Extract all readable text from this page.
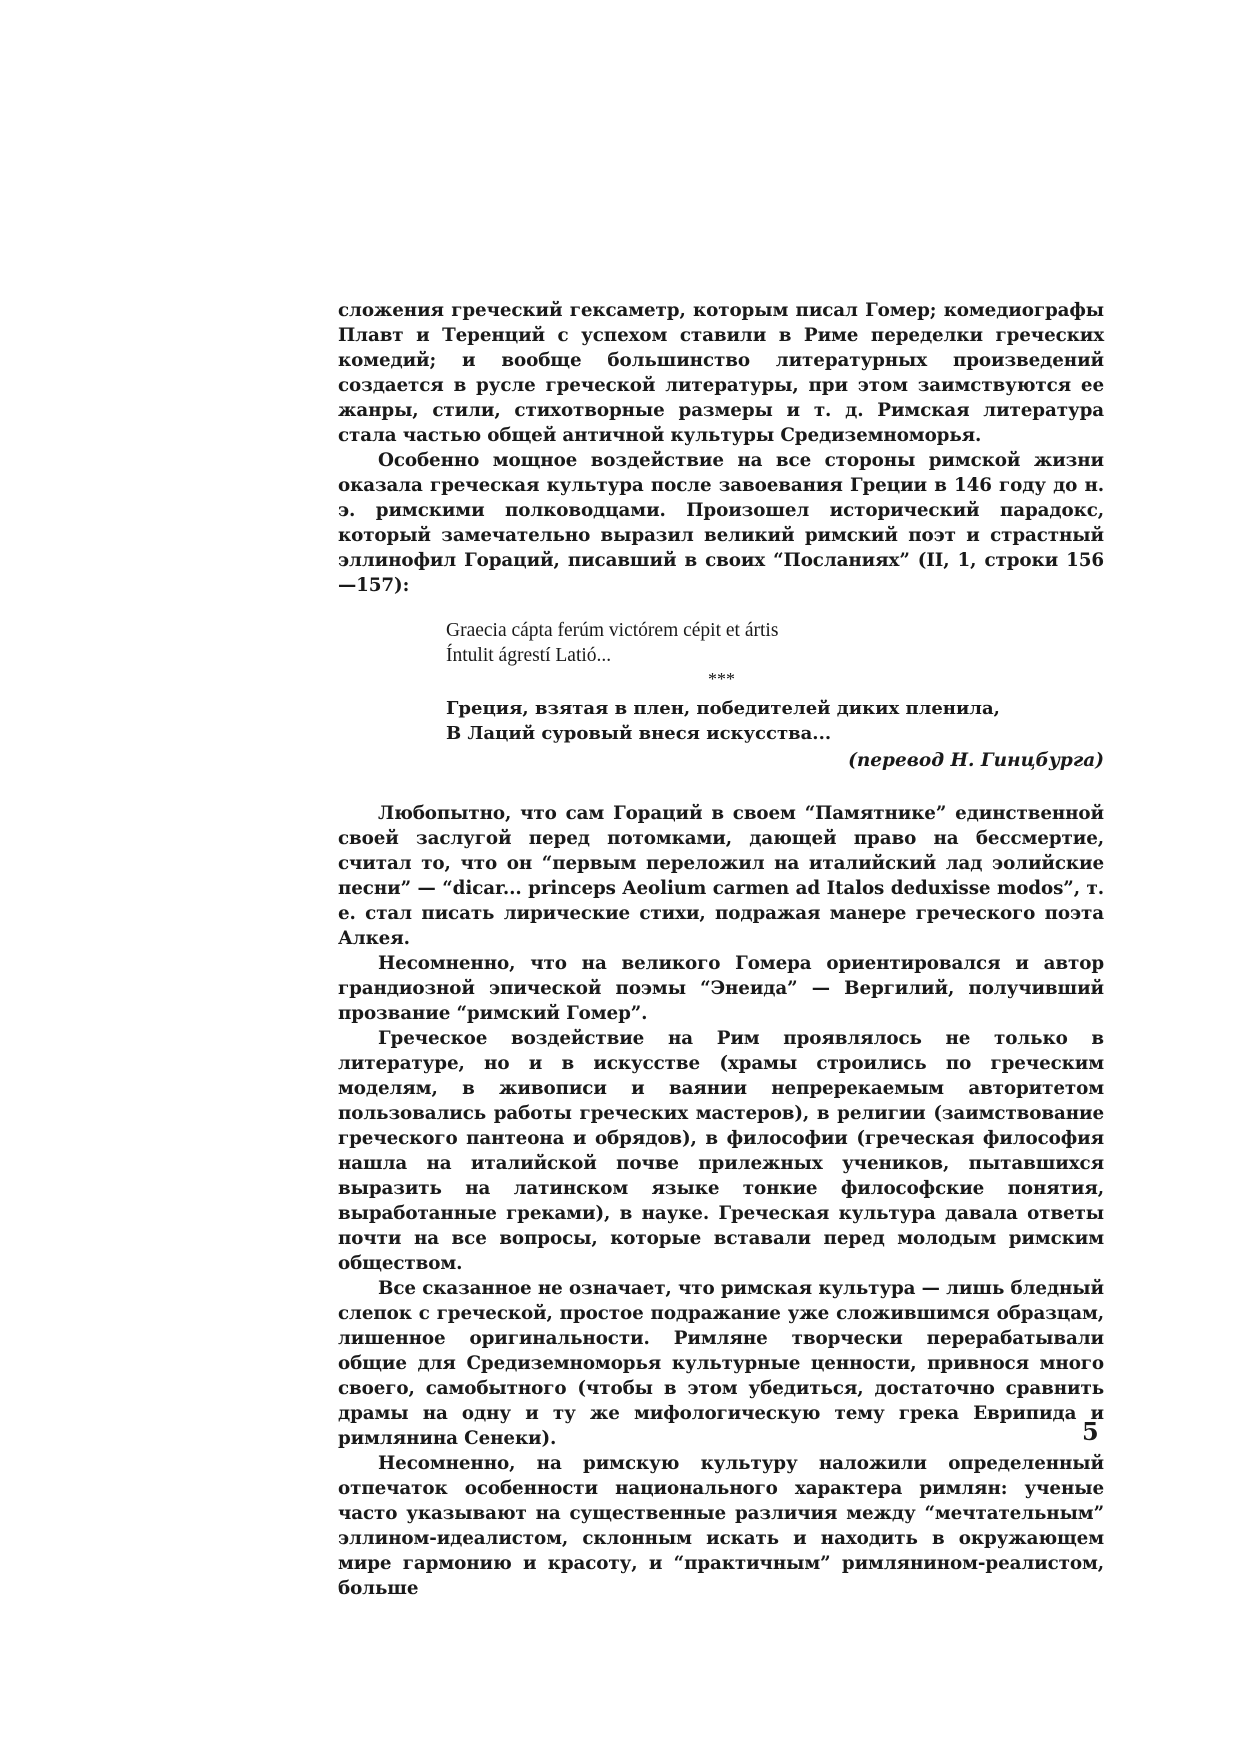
сложения греческий гексаметр, которым писал Гомер; комедиографы Плавт и Теренций с успехом ставили в Риме переделки греческих комедий; и вообще большинство литературных произведений создается в русле греческой литературы, при этом заимствуются ее жанры, стили, стихотворные размеры и т. д. Римская литература стала частью общей античной культуры Средиземноморья.

Особенно мощное воздействие на все стороны римской жизни оказала греческая культура после завоевания Греции в 146 году до н. э. римскими полководцами. Произошел исторический парадокс, который замечательно выразил великий римский поэт и страстный эллинофил Гораций, писавший в своих “Посланиях” (II, 1, строки 156—157):

Graecia cápta ferúm victórem cépit et ártis
Íntulit ágrestí Latió...
***
Греция, взятая в плен, победителей диких пленила,
В Лаций суровый внеся искусства...
(перевод Н. Гинцбурга)

Любопытно, что сам Гораций в своем “Памятнике” единственной своей заслугой перед потомками, дающей право на бессмертие, считал то, что он “первым переложил на италийский лад эолийские песни” — “dicar... princeps Aeolium carmen ad Italos deduxisse modos”, т. е. стал писать лирические стихи, подражая манере греческого поэта Алкея.

Несомненно, что на великого Гомера ориентировался и автор грандиозной эпической поэмы “Энеида” — Вергилий, получивший прозвание “римский Гомер”.

Греческое воздействие на Рим проявлялось не только в литературе, но и в искусстве (храмы строились по греческим моделям, в живописи и ваянии непререкаемым авторитетом пользовались работы греческих мастеров), в религии (заимствование греческого пантеона и обрядов), в философии (греческая философия нашла на италийской почве прилежных учеников, пытавшихся выразить на латинском языке тонкие философские понятия, выработанные греками), в науке. Греческая культура давала ответы почти на все вопросы, которые вставали перед молодым римским обществом.

Все сказанное не означает, что римская культура — лишь бледный слепок с греческой, простое подражание уже сложившимся образцам, лишенное оригинальности. Римляне творчески перерабатывали общие для Средиземноморья культурные ценности, привнося много своего, самобытного (чтобы в этом убедиться, достаточно сравнить драмы на одну и ту же мифологическую тему грека Еврипида и римлянина Сенеки).

Несомненно, на римскую культуру наложили определенный отпечаток особенности национального характера римлян: ученые часто указывают на существенные различия между “мечтательным” эллином-идеалистом, склонным искать и находить в окружающем мире гармонию и красоту, и “практичным” римлянином-реалистом, больше

5
